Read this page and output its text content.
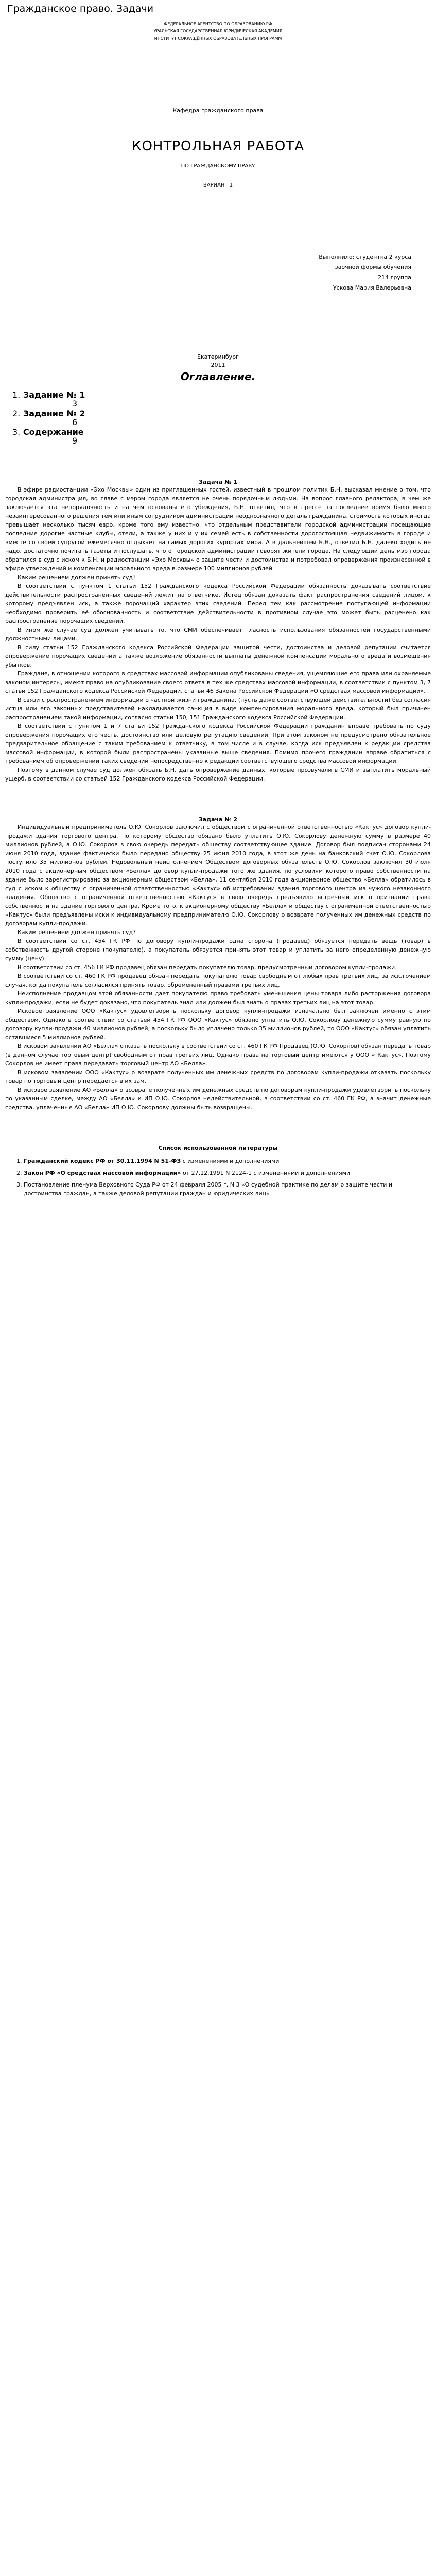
Гражданское право. Задачи
ФЕДЕРАЛЬНОЕ АГЕНТСТВО ПО ОБРАЗОВАНИЮ РФ
УРАЛЬСКАЯ ГОСУДАРСТВЕННАЯ ЮРИДИЧЕСКАЯ АКАДЕМИЯ
ИНСТИТУТ СОКРАЩЁННЫХ ОБРАЗОВАТЕЛЬНЫХ ПРОГРАММ
Кафедра гражданского права
КОНТРОЛЬНАЯ РАБОТА
ПО ГРАЖДАНСКОМУ ПРАВУ
ВАРИАНТ 1
Выполнило: студентка 2 курса
заочной формы обучения
214 группа
Ускова Мария Валерьевна
Екатеринбург
2011
Оглавление.
1. Задание № 1
3
2. Задание № 2
6
3. Содержание
9
Задача № 1

В эфире радиостанции «Эхо Москвы» один из приглашенных гостей, известный в прошлом политик Б.Н. высказал мнение о том, что городская администрация, во главе с мэром города является не очень порядочным людьми. На вопрос главного редактора, в чем же заключается эта непорядочность и на чем основаны его убеждения, Б.Н. ответил, что в прессе за последнее время было много незаинтересованного решения тем или иным сотрудником администрации неоднозначного деталь гражданина, стоимость которых иногда превышает несколько тысяч евро, кроме того ему известно, что отдельным представители городской администрации посещающие последние дорогие частные клубы, отели, а также у них и у их семей есть в собственности дорогостоящая недвижимость в городе и вместе со своей супругой ежемесячно отдыхает на самых дорогих курортах мира. А в дальнейшем Б.Н., ответил Б.Н. далеко ходить не надо, достаточно почитать газеты и послушать, что о городской администрации говорят жители города. На следующий день мэр города обратился в суд с иском к Б.Н. и радиостанции «Эхо Москвы» о защите чести и достоинства и потребовал опровержения произнесенной в эфире утверждений и компенсации морального вреда в размере 100 миллионов рублей.

Каким решением должен принять суд?

В соответствии с пунктом 1 статьи 152 Гражданского кодекса Российской Федерации обязанность доказывать соответствие действительности распространенных сведений лежит на ответчике. Истец обязан доказать факт распространения сведений лицом, к которому предъявлен иск, а также порочащий характер этих сведений. Перед тем как рассмотрение поступающей информации необходимо проверить её обоснованность и соответствие действительности в противном случае это может быть расценено как распространение порочащих сведений.

В ином же случае суд должен учитывать то, что СМИ обеспечивает гласность использования обязанностей государственными должностными лицами.

В силу статьи 152 Гражданского кодекса Российской Федерации защитой чести, достоинства и деловой репутации считается опровержение порочащих сведений а также возложение обязанности выплаты денежной компенсации морального вреда и возмещения убытков.

Граждане, в отношении которого в средствах массовой информации опубликованы сведения, ущемляющие его права или охраняемые законом интересы, имеют право на опубликование своего ответа в тех же средствах массовой информации, в соответствии с пунктом 3, 7 статьи 152 Гражданского кодекса Российской Федерации, статьи 46 Закона Российской Федерации «О средствах массовой информации».

В связи с распространением информации о частной жизни гражданина, (пусть даже соответствующей действительности) без согласия истца или его законных представителей накладывается санкция в виде компенсирования морального вреда, который был причинен распространением такой информации, согласно статьи 150, 151 Гражданского кодекса Российской Федерации.

В соответствии с пунктом 1 и 7 статьи 152 Гражданского кодекса Российской Федерации гражданин вправе требовать по суду опровержения порочащих его честь, достоинство или деловую репутацию сведений. При этом законом не предусмотрено обязательное предварительное обращение с таким требованием к ответчику, в том числе и в случае, когда иск предъявлен к редакции средства массовой информации, в которой были распространены указанные выше сведения. Помимо прочего гражданин вправе обратиться с требованием об опровержении таких сведений непосредственно к редакции соответствующего средства массовой информации.

Поэтому в данном случае суд должен обязать Б.Н. дать опровержение данных, которые прозвучали в СМИ и выплатить моральный ущерб, в соответствии со статьей 152 Гражданского кодекса Российской Федерации.

Задача № 2

Индивидуальный предприниматель О.Ю. Сокорлов заключил с обществом с ограниченной ответственностью «Кактус» договор купли-продажи здания торгового центра, по которому общество обязано было уплатить О.Ю. Сокорлову денежную сумму в размере 40 миллионов рублей, а О.Ю. Сокорлов в свою очередь передать обществу соответствующее здание. Договор был подписан сторонами 24 июня 2010 года, здание фактически было передано обществу 25 июня 2010 года, в этот же день на банковский счет О.Ю. Сокорлова поступило 35 миллионов рублей. Недовольный неисполнением Обществом договорных обязательств О.Ю. Сокорлов заключил 30 июля 2010 года с акционерным обществом «Белла» договор купли-продажи того же здания, по условиям которого право собственности на здание было зарегистрировано за акционерным обществом «Белла», 11 сентября 2010 года акционерное общество «Белла» обратилось в суд с иском к обществу с ограниченной ответственностью «Кактус» об истребовании здания торгового центра из чужого незаконного владения. Общество с ограниченной ответственностью «Кактус» в свою очередь предъявило встречный иск о признании права собственности на здание торгового центра. Кроме того, к акционерному обществу «Белла» и обществу с ограниченной ответственностью «Кактус» были предъявлены иски к индивидуальному предпринимателю О.Ю. Сокорлову о возврате полученных им денежных средств по договорам купли-продажи.

Каким решением должен принять суд?

В соответствии со ст. 454 ГК РФ по договору купли-продажи одна сторона (продавец) обязуется передать вещь (товар) в собственность другой стороне (покупателю), а покупатель обязуется принять этот товар и уплатить за него определенную денежную сумму (цену).

В соответствии со ст. 456 ГК РФ продавец обязан передать покупателю товар, предусмотренный договором купли-продажи.

В соответствии со ст. 460 ГК РФ продавец обязан передать покупателю товар свободным от любых прав третьих лиц, за исключением случая, когда покупатель согласился принять товар, обремененный правами третьих лиц.

Неисполнение продавцом этой обязанности дает покупателю право требовать уменьшения цены товара либо расторжения договора купли-продажи, если не будет доказано, что покупатель знал или должен был знать о правах третьих лиц на этот товар.

Исковое заявление ООО «Кактус» удовлетворить поскольку договор купли-продажи изначально был заключен именно с этим обществом. Однако в соответствии со статьей 454 ГК РФ ООО «Кактус» обязано уплатить О.Ю. Сокорлову денежную сумму равную по договору купли-продажи 40 миллионов рублей, а поскольку было уплачено только 35 миллионов рублей, то ООО «Кактус» обязан уплатить оставшиеся 5 миллионов рублей.

В исковом заявлении АО «Белла» отказать поскольку в соответствии со ст. 460 ГК РФ Продавец (О.Ю. Сокорлов) обязан передать товар (в данном случае торговый центр) свободным от прав третьих лиц. Однако права на торговый центр имеются у ООО « Кактус». Поэтому Сокорлов не имеет права передавать торговый центр АО «Белла».

В исковом заявлении ООО «Кактус» о возврате полученных им денежных средств по договорам купли-продажи отказать поскольку товар по торговый центр передается в их зам.

В исковое заявление АО «Белла» о возврате полученных им денежных средств по договорам купли-продажи удовлетворить поскольку по указанным сделке, между АО «Белла» и ИП О.Ю. Сокорлов недействительной, в соответствии со ст. 460 ГК РФ, а значит денежные средства, уплаченные АО «Белла» ИП О.Ю. Сокорлову должны быть возвращены.

Список использованной литературы
1. Гражданский кодекс РФ от 30.11.1994 N 51-ФЗ с изменениями и дополнениями
2. Закон РФ «О средствах массовой информации» от 27.12.1991 N 2124-1 с изменениями и дополнениями
3. Постановление пленума Верховного Суда РФ от 24 февраля 2005 г. N 3 «О судебной практике по делам о защите чести и достоинства граждан, а также деловой репутации граждан и юридических лиц»
